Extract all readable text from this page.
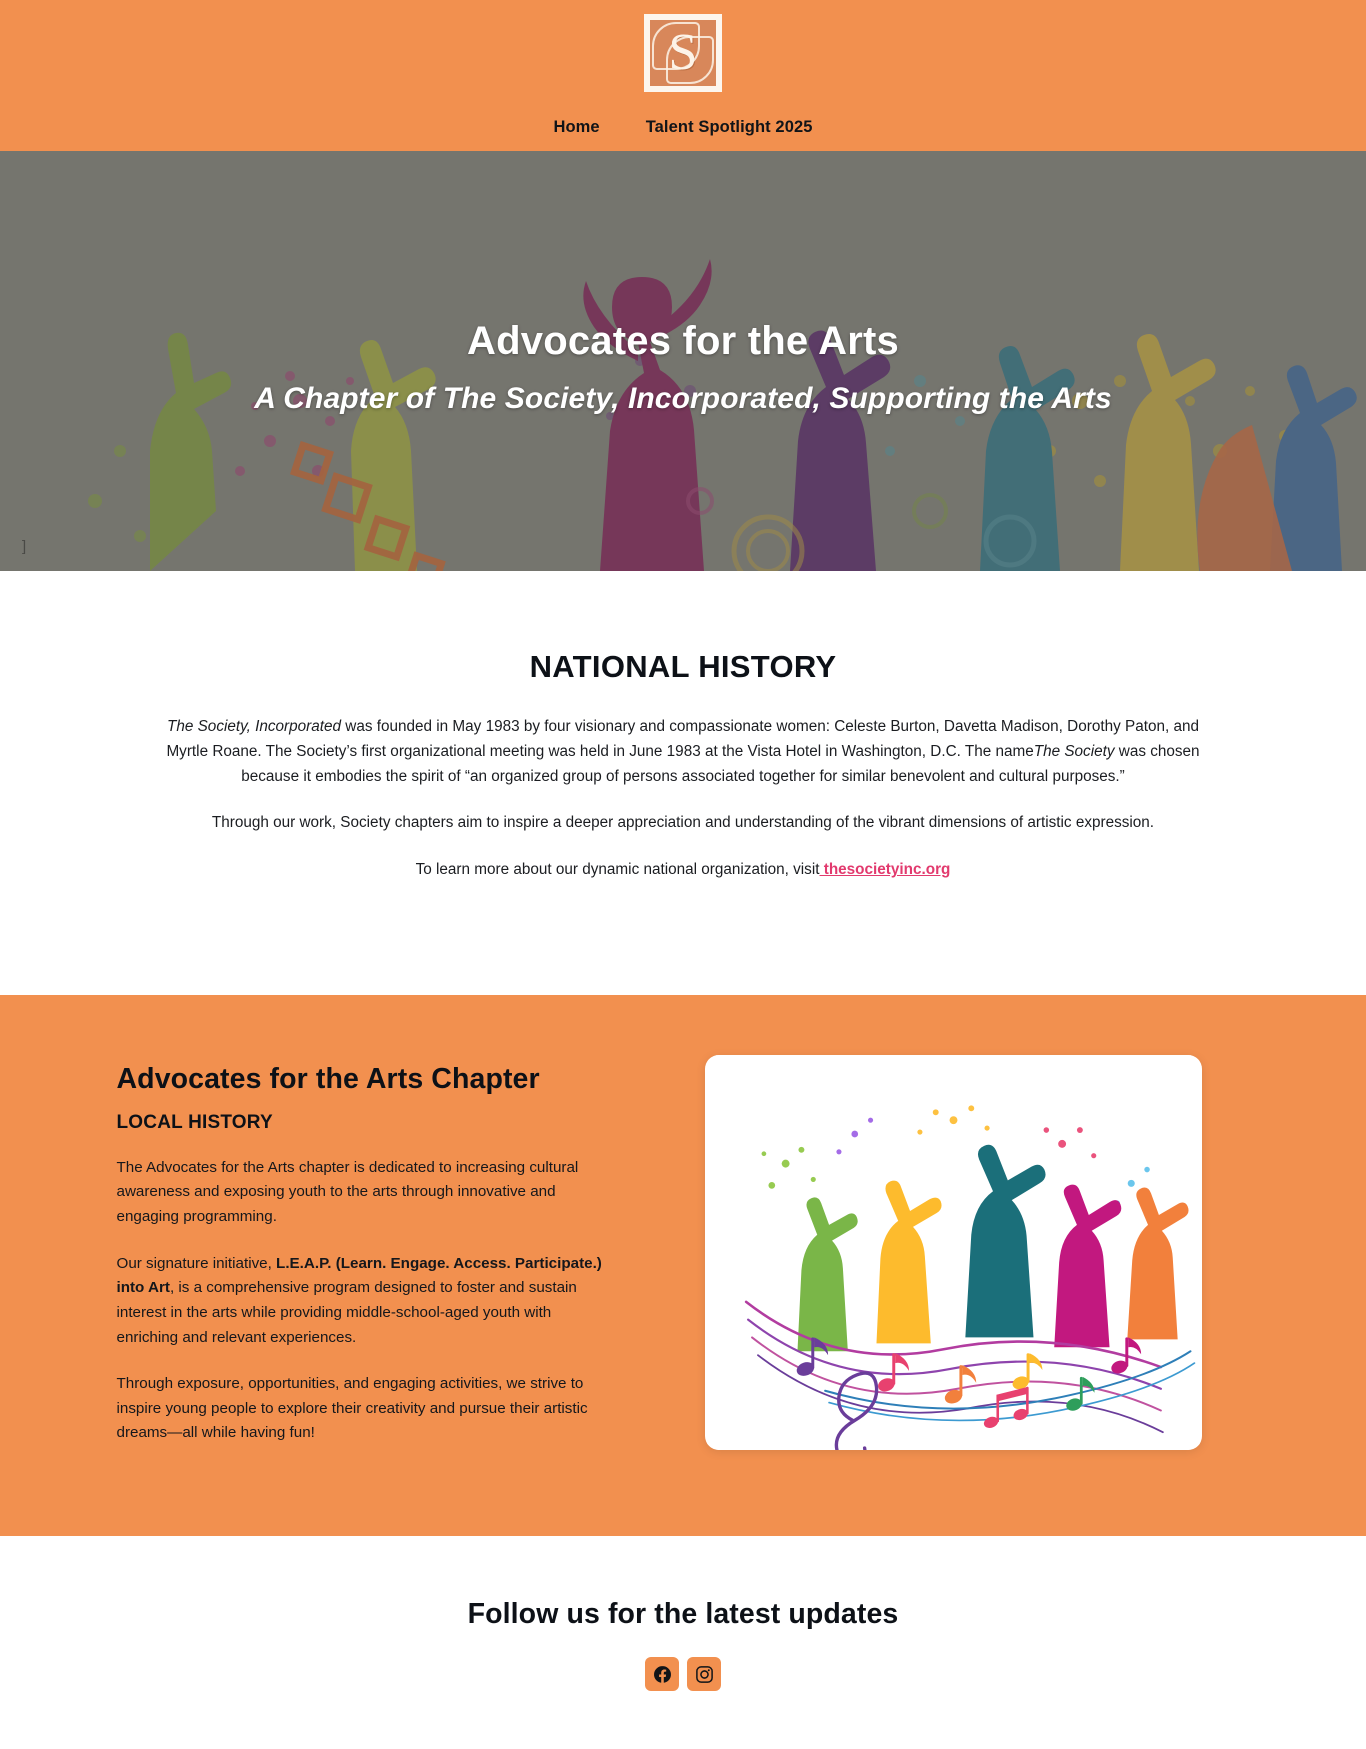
S
Home	Talent Spotlight 2025
Advocates for the Arts
A Chapter of The Society, Incorporated, Supporting the Arts
]
NATIONAL HISTORY

The Society, Incorporated was founded in May 1983 by four visionary and compassionate women: Celeste Burton, Davetta Madison, Dorothy Paton, and Myrtle Roane. The Society’s first organizational meeting was held in June 1983 at the Vista Hotel in Washington, D.C. The nameThe Society was chosen because it embodies the spirit of “an organized group of persons associated together for similar benevolent and cultural purposes.”

Through our work, Society chapters aim to inspire a deeper appreciation and understanding of the vibrant dimensions of artistic expression.

To learn more about our dynamic national organization, visit thesocietyinc.org

Advocates for the Arts Chapter
LOCAL HISTORY

The Advocates for the Arts chapter is dedicated to increasing cultural awareness and exposing youth to the arts through innovative and engaging programming.

Our signature initiative, L.E.A.P. (Learn. Engage. Access. Participate.) into Art, is a comprehensive program designed to foster and sustain interest in the arts while providing middle-school-aged youth with enriching and relevant experiences.

Through exposure, opportunities, and engaging activities, we strive to inspire young people to explore their creativity and pursue their artistic dreams—all while having fun!

Follow us for the latest updates
